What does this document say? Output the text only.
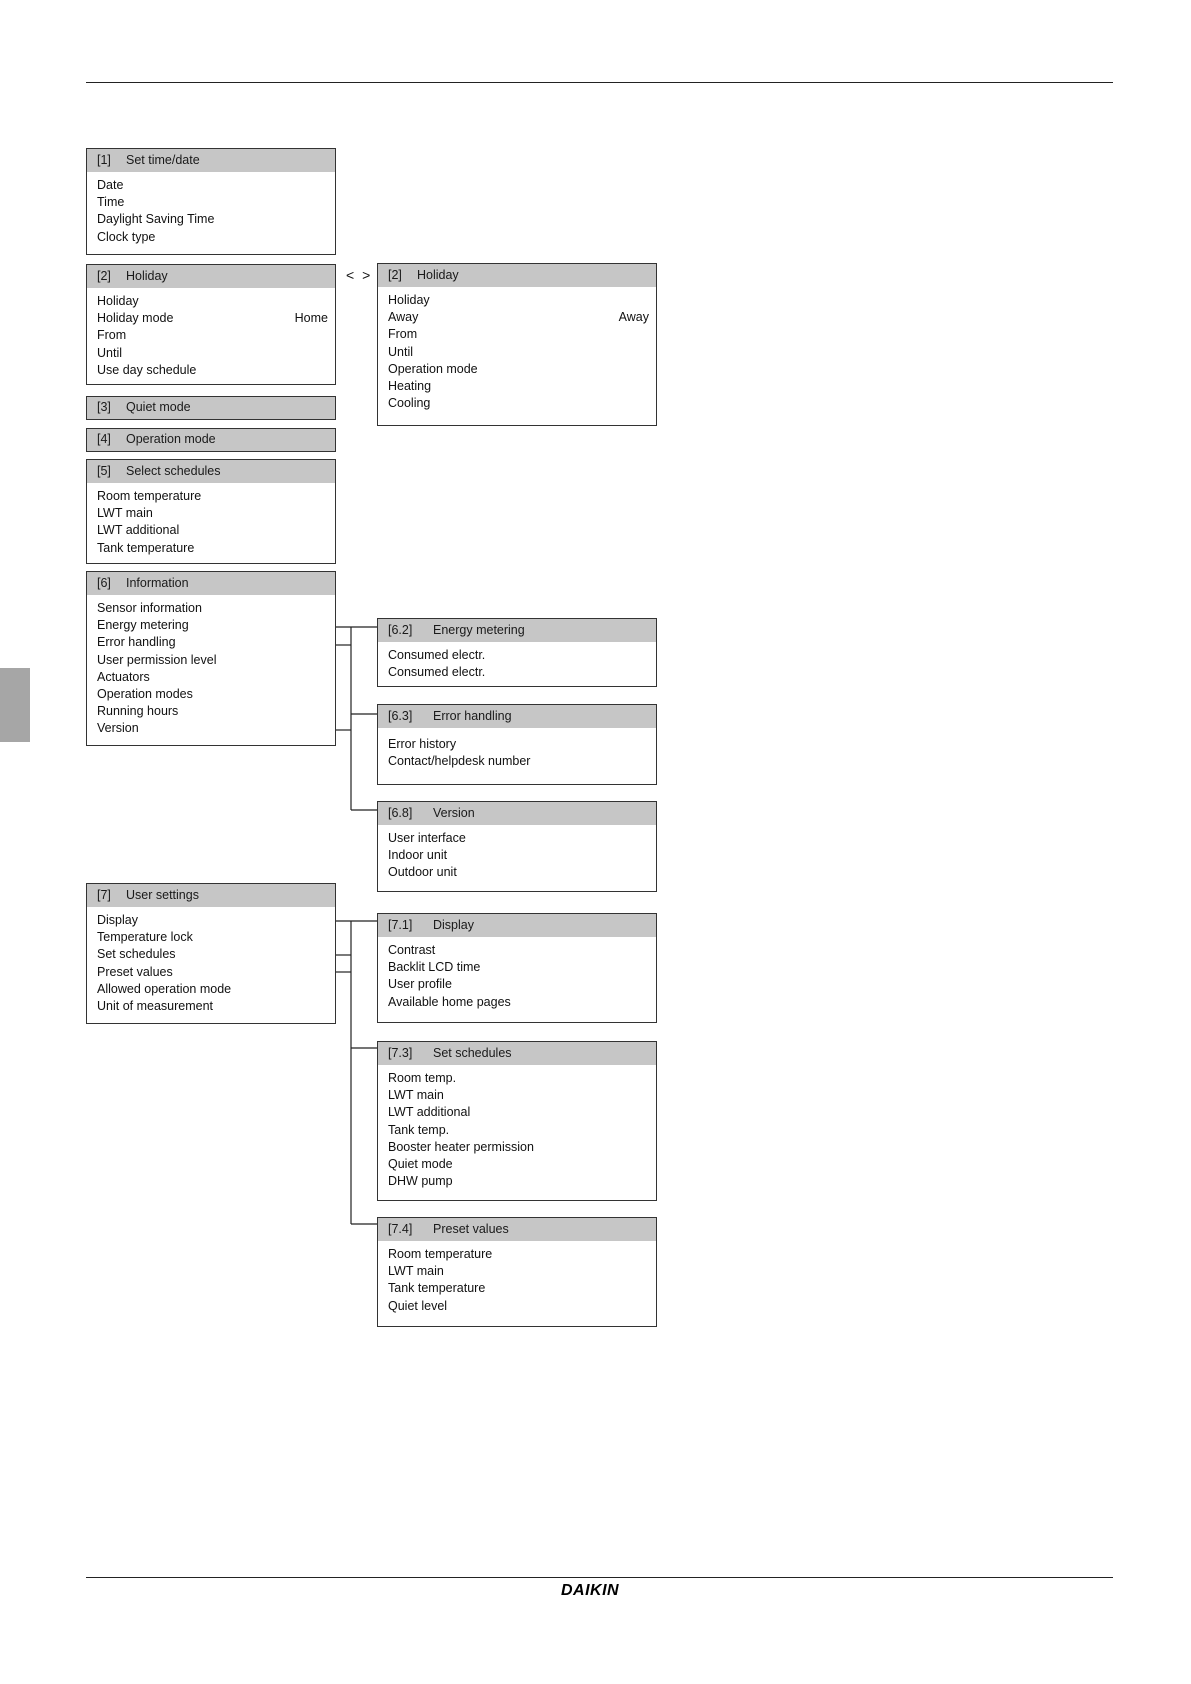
< >
[1] Set time/date
Date
Time
Daylight Saving Time
Clock type
[2] Holiday
Holiday
Holiday mode	Home
From
Until
Use day schedule
[2] Holiday
Holiday
Away	Away
From
Until
Operation mode
Heating
Cooling
[3] Quiet mode
[4] Operation mode
[5] Select schedules
Room temperature
LWT main
LWT additional
Tank temperature
[6] Information
Sensor information
Energy metering
Error handling
User permission level
Actuators
Operation modes
Running hours
Version
[6.2] Energy metering
Consumed electr.
Consumed electr.
[6.3] Error handling
Error history
Contact/helpdesk number
[6.8] Version
User interface
Indoor unit
Outdoor unit
[7] User settings
Display
Temperature lock
Set schedules
Preset values
Allowed operation mode
Unit of measurement
[7.1] Display
Contrast
Backlit LCD time
User profile
Available home pages
[7.3] Set schedules
Room temp.
LWT main
LWT additional
Tank temp.
Booster heater permission
Quiet mode
DHW pump
[7.4] Preset values
Room temperature
LWT main
Tank temperature
Quiet level
DAIKIN
